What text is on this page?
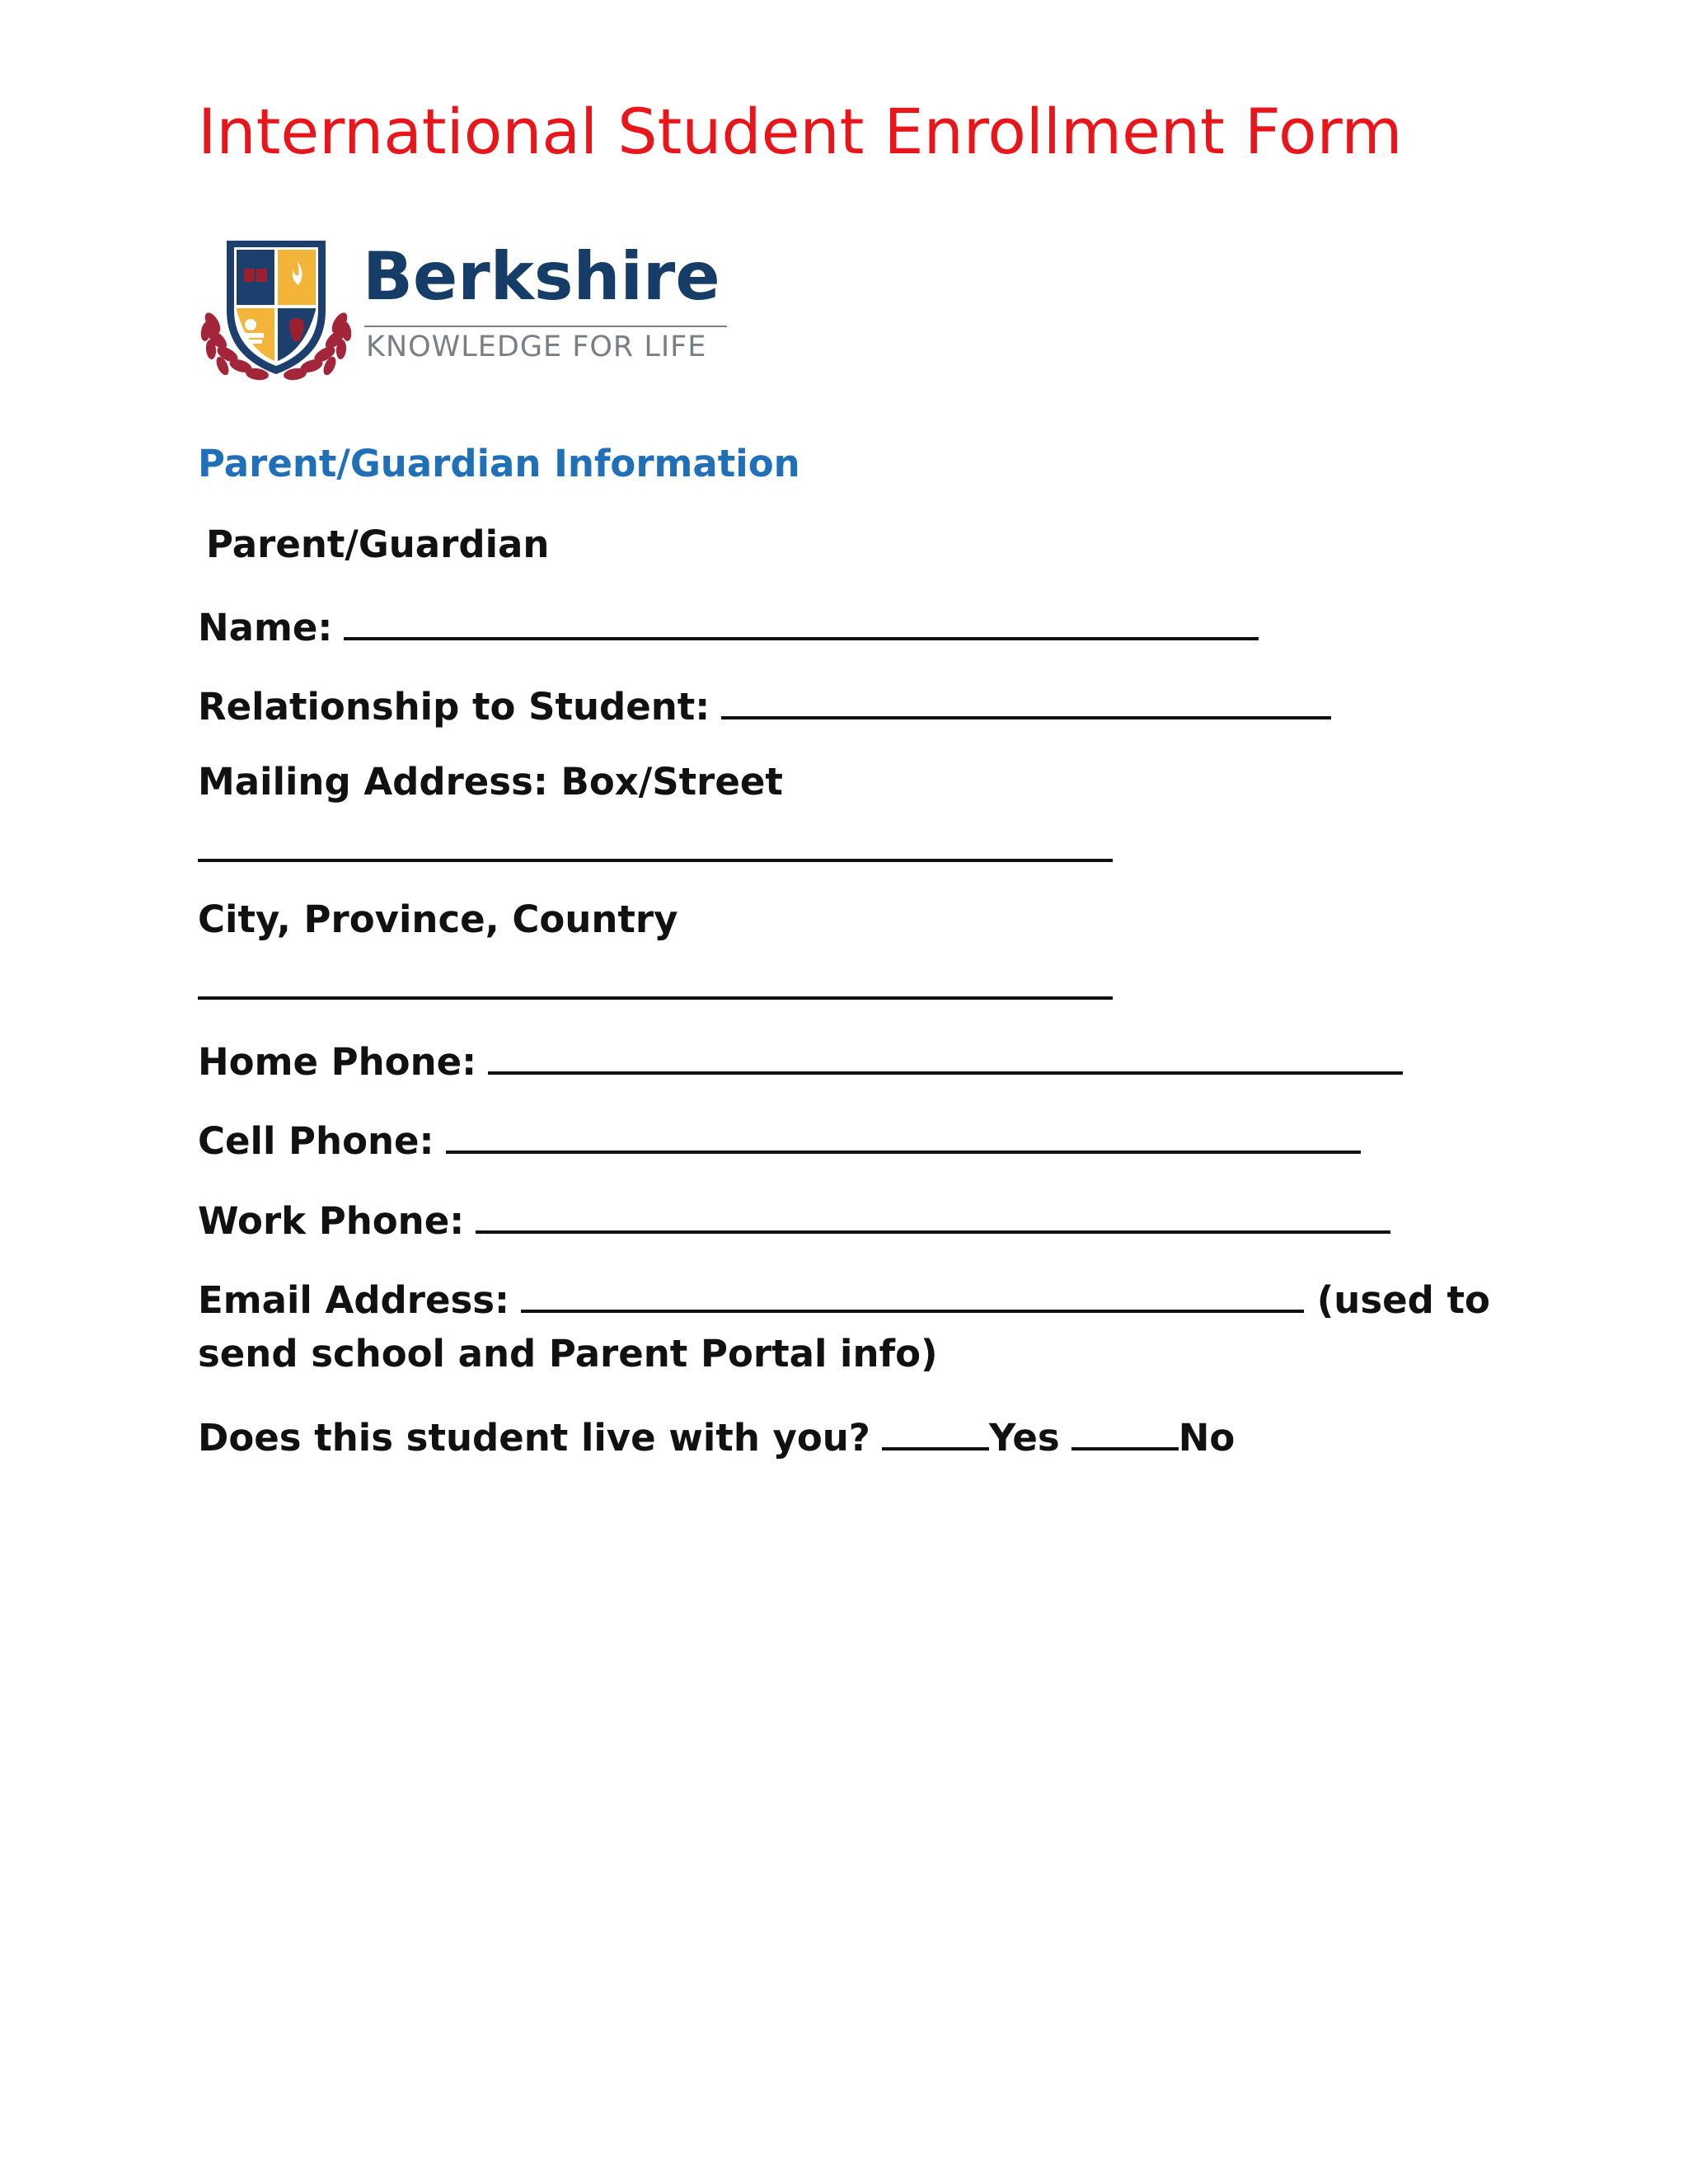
International Student Enrollment Form
Berkshire
KNOWLEDGE FOR LIFE
Parent/Guardian Information
Parent/Guardian
Name:
Relationship to Student:
Mailing Address: Box/Street
City, Province, Country
Home Phone:
Cell Phone:
Work Phone:
Email Address:	(used to
send school and Parent Portal info)
Does this student live with you?	Yes	No
